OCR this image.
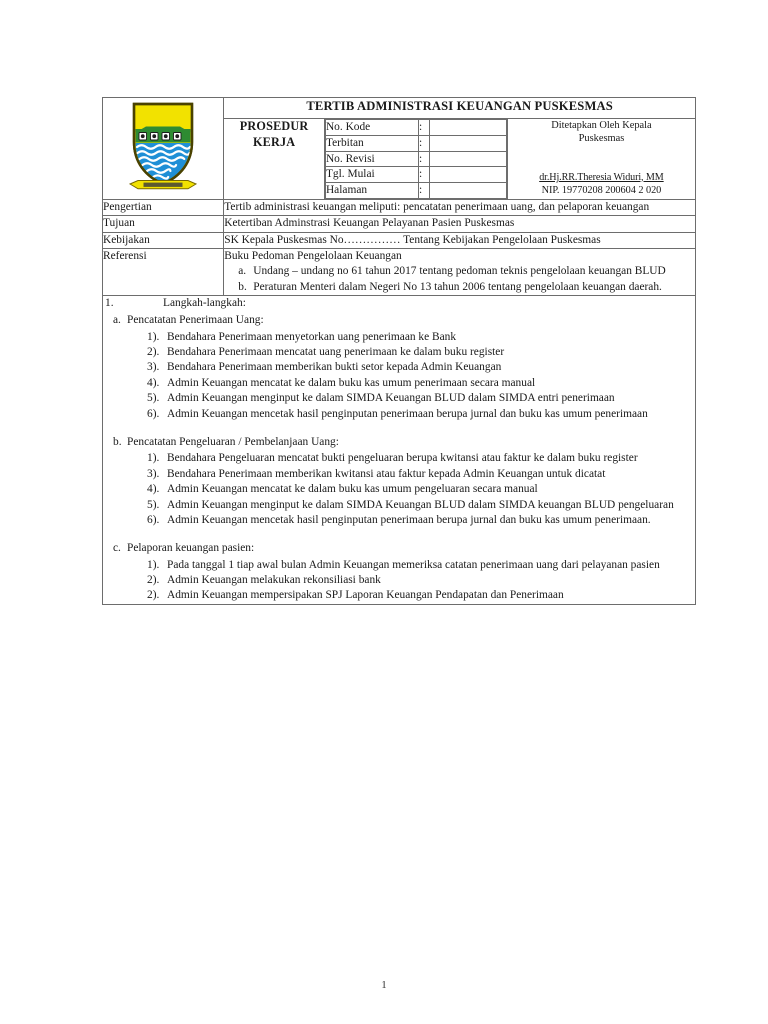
	TERTIB ADMINISTRASI KEUANGAN PUSKESMAS

PROSEDUR
KERJA

No. Kode	:	
Terbitan	:	
No. Revisi	:	
Tgl. Mulai	:	
Halaman	:	

Ditetapkan Oleh Kepala
Puskesmas
dr.Hj.RR.Theresia Widuri, MM
NIP. 19770208 200604 2 020

Pengertian	Tertib administrasi keuangan meliputi: pencatatan penerimaan uang, dan pelaporan keuangan

Tujuan	Ketertiban Adminstrasi Keuangan Pelayanan Pasien Puskesmas

Kebijakan	SK Kepala Puskesmas No…………… Tentang Kebijakan Pengelolaan Puskesmas

Referensi	Buku Pedoman Pengelolaan Keuangan

a. Undang – undang no 61 tahun 2017 tentang pedoman teknis pengelolaan keuangan BLUD
b. Peraturan Menteri dalam Negeri No 13 tahun 2006 tentang pengelolaan keuangan daerah.

1.	Langkah-langkah:
a. Pencatatan Penerimaan Uang:
1). Bendahara Penerimaan menyetorkan uang penerimaan ke Bank
2). Bendahara Penerimaan mencatat uang penerimaan ke dalam buku register
3). Bendahara Penerimaan memberikan bukti setor kepada Admin Keuangan
4). Admin Keuangan mencatat ke dalam buku kas umum penerimaan secara manual
5). Admin Keuangan menginput ke dalam SIMDA Keuangan BLUD dalam SIMDA entri penerimaan
6). Admin Keuangan mencetak hasil penginputan penerimaan berupa jurnal dan buku kas umum penerimaan
b. Pencatatan Pengeluaran / Pembelanjaan Uang:
1). Bendahara Pengeluaran mencatat bukti pengeluaran berupa kwitansi atau faktur ke dalam buku register
3). Bendahara Penerimaan memberikan kwitansi atau faktur kepada Admin Keuangan untuk dicatat
4). Admin Keuangan mencatat ke dalam buku kas umum pengeluaran secara manual
5). Admin Keuangan menginput ke dalam SIMDA Keuangan BLUD dalam SIMDA keuangan BLUD pengeluaran
6). Admin Keuangan mencetak hasil penginputan penerimaan berupa jurnal dan buku kas umum penerimaan.
c. Pelaporan keuangan pasien:
1). Pada tanggal 1 tiap awal bulan Admin Keuangan memeriksa catatan penerimaan uang dari pelayanan pasien
2). Admin Keuangan melakukan rekonsiliasi bank
2). Admin Keuangan mempersipakan SPJ Laporan Keuangan Pendapatan dan Penerimaan
1
